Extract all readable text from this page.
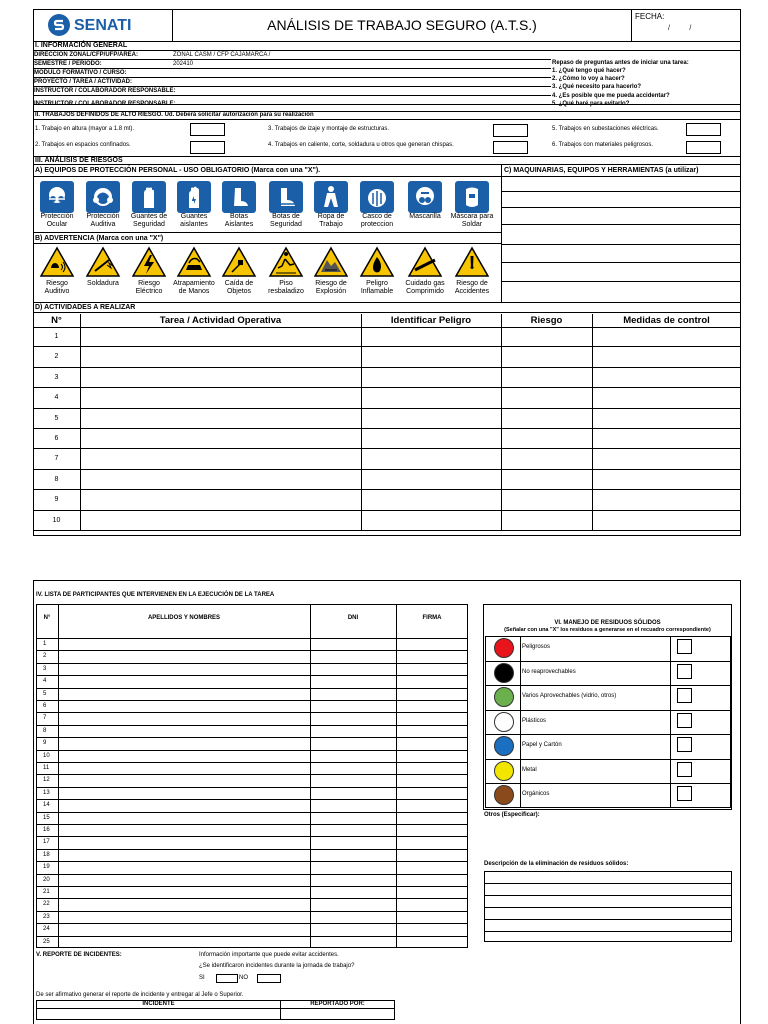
SENATI	ANÁLISIS DE TRABAJO SEGURO (A.T.S.)
FECHA:
/          /
I. INFORMACIÓN GENERAL
DIRECCIÓN ZONAL/CFP/UFP/ÁREA:	ZONAL CASM / CFP CAJAMARCA /
SEMESTRE / PERIODO:	202410
MÓDULO FORMATIVO / CURSO:
PROYECTO / TAREA / ACTIVIDAD:
INSTRUCTOR / COLABORADOR RESPONSABLE:
INSTRUCTOR / COLABORADOR RESPONSABLE:
Repaso de preguntas antes de iniciar una tarea:
1. ¿Qué tengo qué hacer?
2. ¿Cómo lo voy a hacer?
3. ¿Qué necesito para hacerlo?
4. ¿Es posible que me pueda accidentar?
5. ¿Qué haré para evitarlo?
II. TRABAJOS DEFINIDOS DE ALTO RIESGO. Ud. Deberá solicitar autorización para su realización
1. Trabajo en altura (mayor a 1.8 mt).	3. Trabajos de izaje y montaje de estructuras.	5. Trabajos en subestaciones eléctricas.
2. Trabajos en espacios confinados.	4. Trabajos en caliente, corte, soldadura u otros que generan chispas.	6. Trabajos con materiales peligrosos.
III. ANÁLISIS DE RIESGOS
A) EQUIPOS DE PROTECCIÓN PERSONAL - USO OBLIGATORIO (Marca con una "X").	C) MAQUINARIAS, EQUIPOS Y HERRAMIENTAS (a utilizar)
Protección Ocular
Protección Auditiva
Guantes de Seguridad
Guantes aislantes
Botas Aislantes
Botas de Seguridad
Ropa de Trabajo
Casco de proteccion
Mascarilla	Máscara para Soldar
B) ADVERTENCIA (Marca con una "X")
Riesgo Auditivo
Soldadura	Riesgo Eléctrico
Atrapamiento de Manos
Caída de Objetos
Piso resbaladizo
Riesgo de Explosión
Peligro Inflamable
Cuidado gas Comprimido
Riesgo de Accidentes
D) ACTIVIDADES A REALIZAR
N°	Tarea / Actividad Operativa	Identificar Peligro	Riesgo	Medidas de control
1
2
3
4
5
6
7
8
9
10
IV. LISTA DE PARTICIPANTES QUE INTERVIENEN EN LA EJECUCIÓN DE LA TAREA
N°	APELLIDOS Y NOMBRES	DNI	FIRMA
1
2
3
4
5
6
7
8
9
10
11
12
13
14
15
16
17
18
19
20
21
22
23
24
25
VI. MANEJO DE RESIDUOS SÓLIDOS
(Señalar con una "X" los residuos a generarse en el recuadro correspondiente)
Peligrosos
No reaprovechables
Varios Aprovechables (vidrio, otros)
Plásticos
Papel y Cartón
Metal
Orgánicos
Otros (Especificar):
Descripción de la eliminación de residuos sólidos:
V. REPORTE DE INCIDENTES:	Información importante que puede evitar accidentes.
¿Se identificaron incidentes durante la jornada de trabajo?
SI	NO
De ser afirmativo generar el reporte de incidente y entregar al Jefe o Superior.
INCIDENTE	REPORTADO POR:
